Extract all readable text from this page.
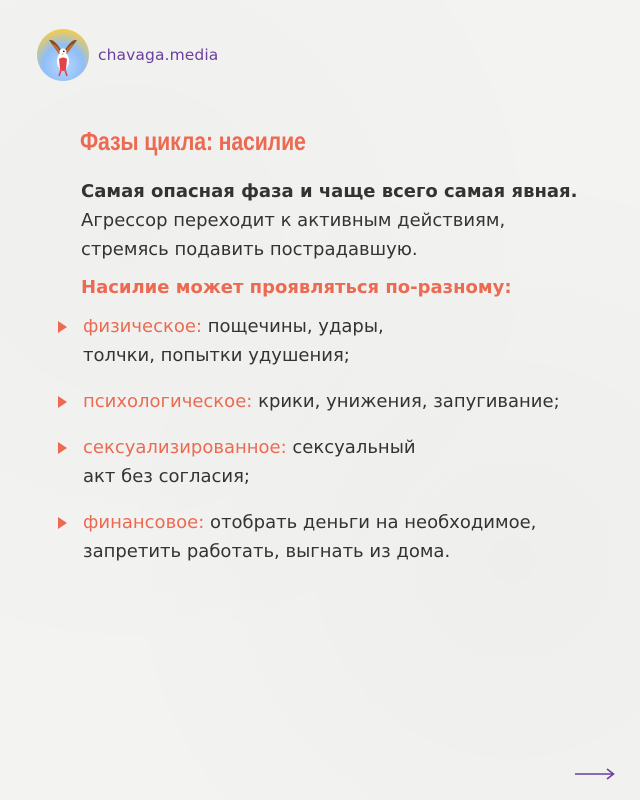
chavaga.media
Фазы цикла: насилие
Самая опасная фаза и чаще всего самая явная.
Агрессор переходит к активным действиям,
стремясь подавить пострадавшую.
Насилие может проявляться по-разному:
физическое: пощечины, удары,
толчки, попытки удушения;
психологическое: крики, унижения, запугивание;
сексуализированное: сексуальный
акт без согласия;
финансовое: отобрать деньги на необходимое,
запретить работать, выгнать из дома.
